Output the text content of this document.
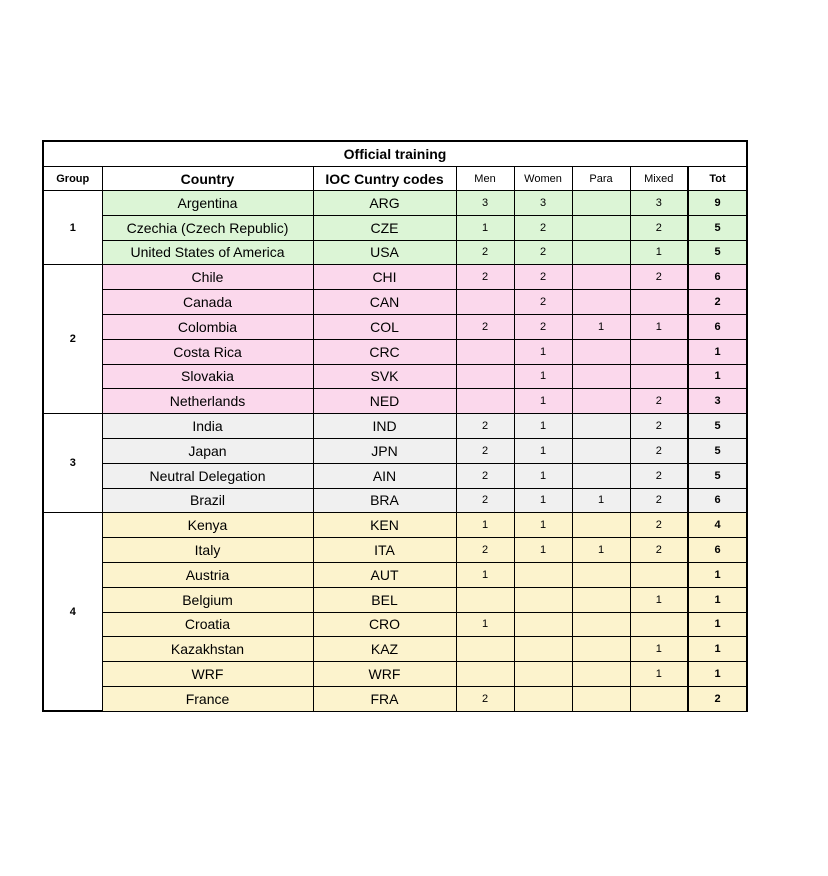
Official training							
Group	Country	IOC Cuntry codes	Men	Women	Para	Mixed	Tot
1	Argentina	ARG	3	3		3	9
	Czechia (Czech Republic)	CZE	1	2		2	5
	United States of America	USA	2	2		1	5
2	Chile	CHI	2	2		2	6
	Canada	CAN		2			2
	Colombia	COL	2	2	1	1	6
	Costa Rica	CRC		1			1
	Slovakia	SVK		1			1
	Netherlands	NED		1		2	3
3	India	IND	2	1		2	5
	Japan	JPN	2	1		2	5
	Neutral Delegation	AIN	2	1		2	5
	Brazil	BRA	2	1	1	2	6
4	Kenya	KEN	1	1		2	4
	Italy	ITA	2	1	1	2	6
	Austria	AUT	1				1
	Belgium	BEL				1	1
	Croatia	CRO	1				1
	Kazakhstan	KAZ				1	1
	WRF	WRF				1	1
	France	FRA	2				2
